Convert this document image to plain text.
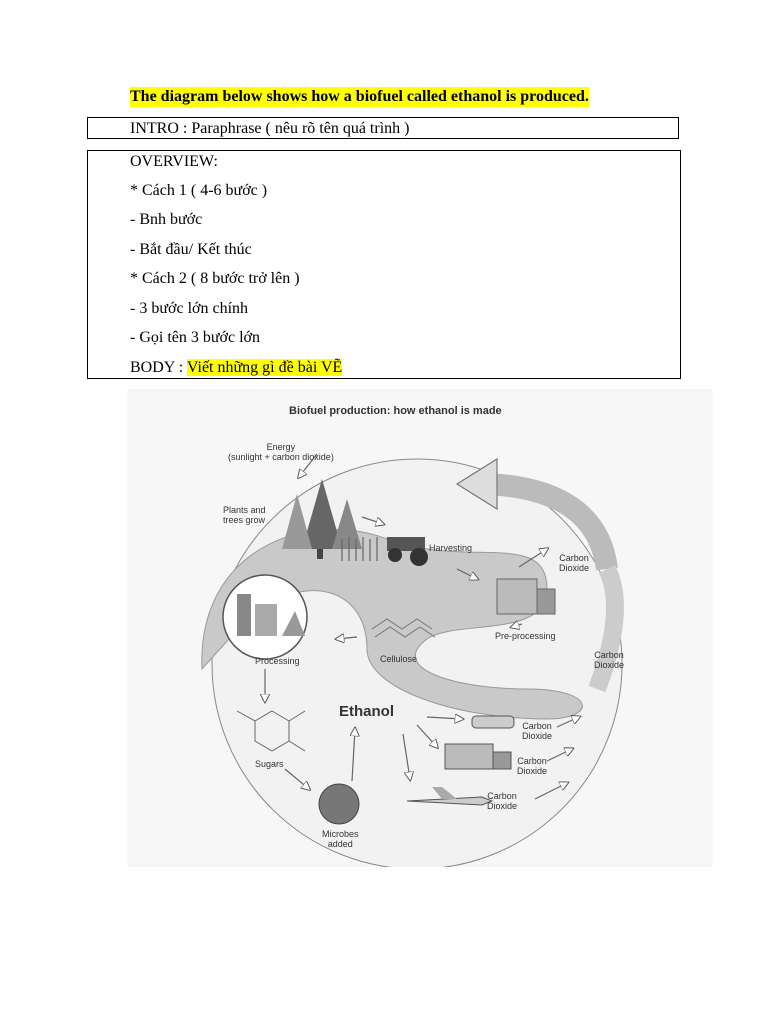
The diagram below shows how a biofuel called ethanol is produced.
INTRO : Paraphrase ( nêu rõ tên quá trình )
OVERVIEW:
* Cách 1 ( 4-6 bước )
- Bnh bước
- Bắt đầu/ Kết thúc
* Cách 2 ( 8 bước trở lên )
- 3 bước lớn chính
- Gọi tên 3 bước lớn
BODY : Viết những gì đề bài VẼ
Biofuel production: how ethanol is made
Energy
(sunlight + carbon dioxide)
Plants and
trees grow
Harvesting
Carbon
Dioxide
Pre-processing
Carbon
Dioxide
Cellulose
Processing
Ethanol
Carbon
Dioxide
Carbon
Dioxide
Sugars
Carbon
Dioxide
Microbes
added
